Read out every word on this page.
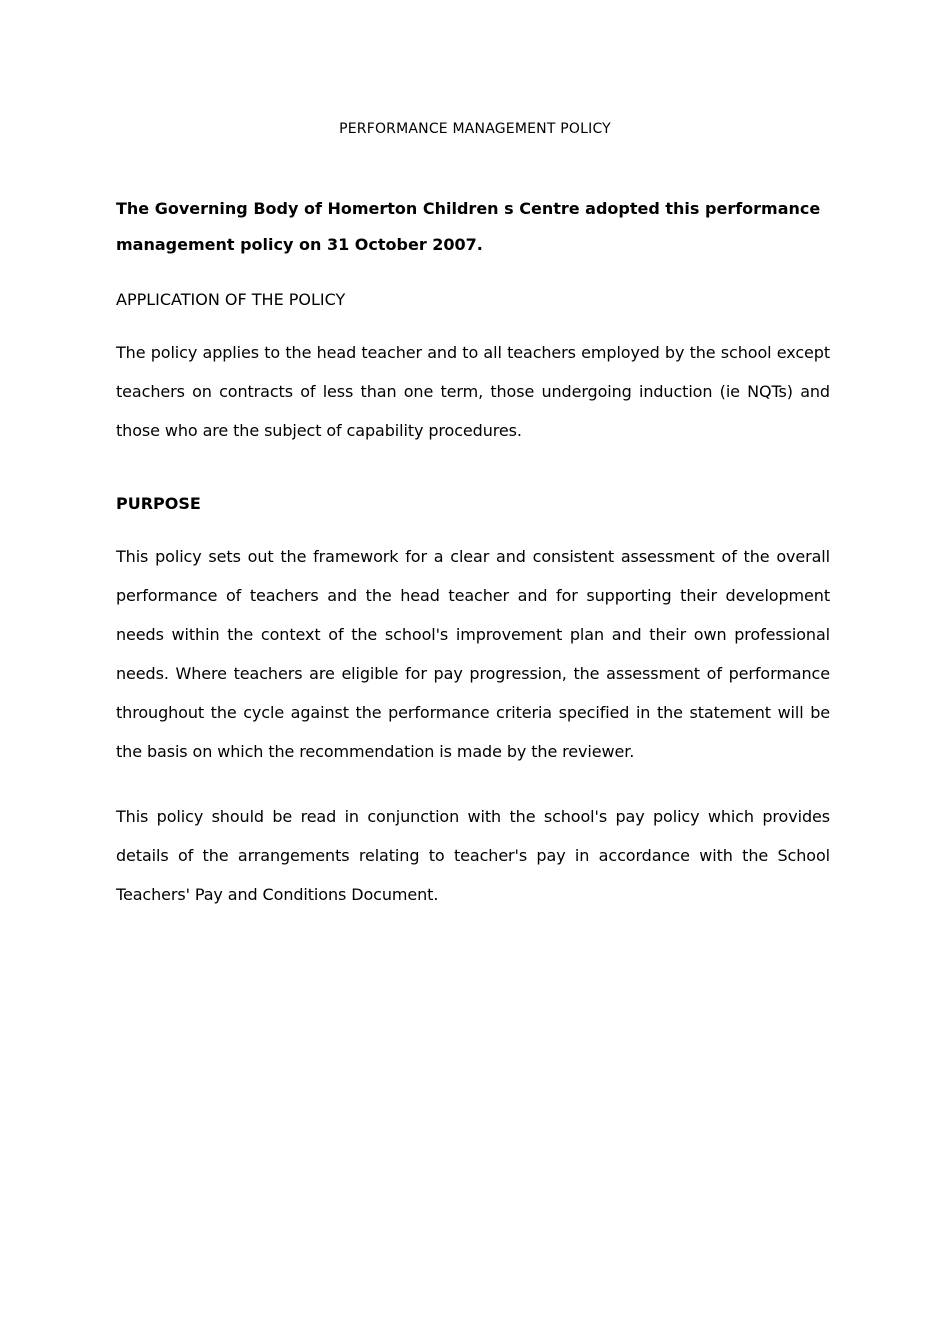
PERFORMANCE MANAGEMENT POLICY

The Governing Body of Homerton Children s Centre adopted this performance management policy on 31 October 2007.

APPLICATION OF THE POLICY

The policy applies to the head teacher and to all teachers employed by the school except teachers on contracts of less than one term, those undergoing induction (ie NQTs) and those who are the subject of capability procedures.

PURPOSE

This policy sets out the framework for a clear and consistent assessment of the overall performance of teachers and the head teacher and for supporting their development needs within the context of the school's improvement plan and their own professional needs. Where teachers are eligible for pay progression, the assessment of performance throughout the cycle against the performance criteria specified in the statement will be the basis on which the recommendation is made by the reviewer.

This policy should be read in conjunction with the school's pay policy which provides details of the arrangements relating to teacher's pay in accordance with the School Teachers' Pay and Conditions Document.
